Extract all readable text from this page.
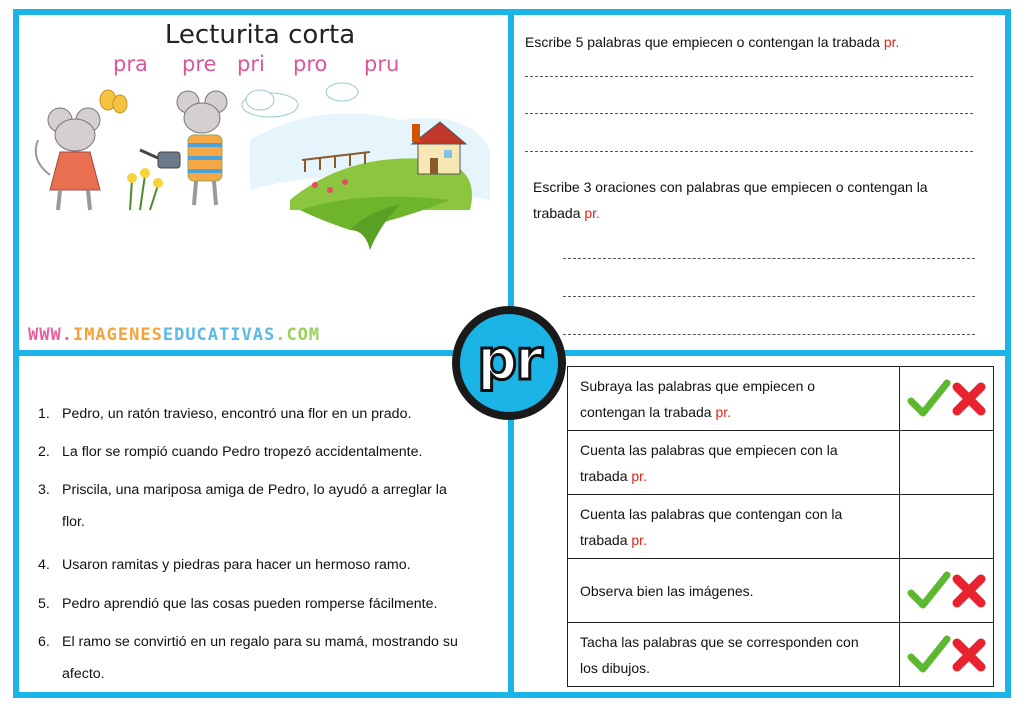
Lecturita corta
pra pre pri pro pru
WWW.IMAGENESEDUCATIVAS.COM
Escribe 5 palabras que empiecen o contengan la trabada pr.
Escribe 3 oraciones con palabras que empiecen o contengan la
trabada pr.
pr
1. Pedro, un ratón travieso, encontró una flor en un prado.
2. La flor se rompió cuando Pedro tropezó accidentalmente.
3. Priscila, una mariposa amiga de Pedro, lo ayudó a arreglar la
flor.
4. Usaron ramitas y piedras para hacer un hermoso ramo.
5. Pedro aprendió que las cosas pueden romperse fácilmente.
6. El ramo se convirtió en un regalo para su mamá, mostrando su
afecto.
Subraya las palabras que empiecen o
contengan la trabada pr.

Cuenta las palabras que empiecen con la
trabada pr.	

Cuenta las palabras que contengan con la
trabada pr.	

Observa bien las imágenes.

Tacha las palabras que se corresponden con
los dibujos.
